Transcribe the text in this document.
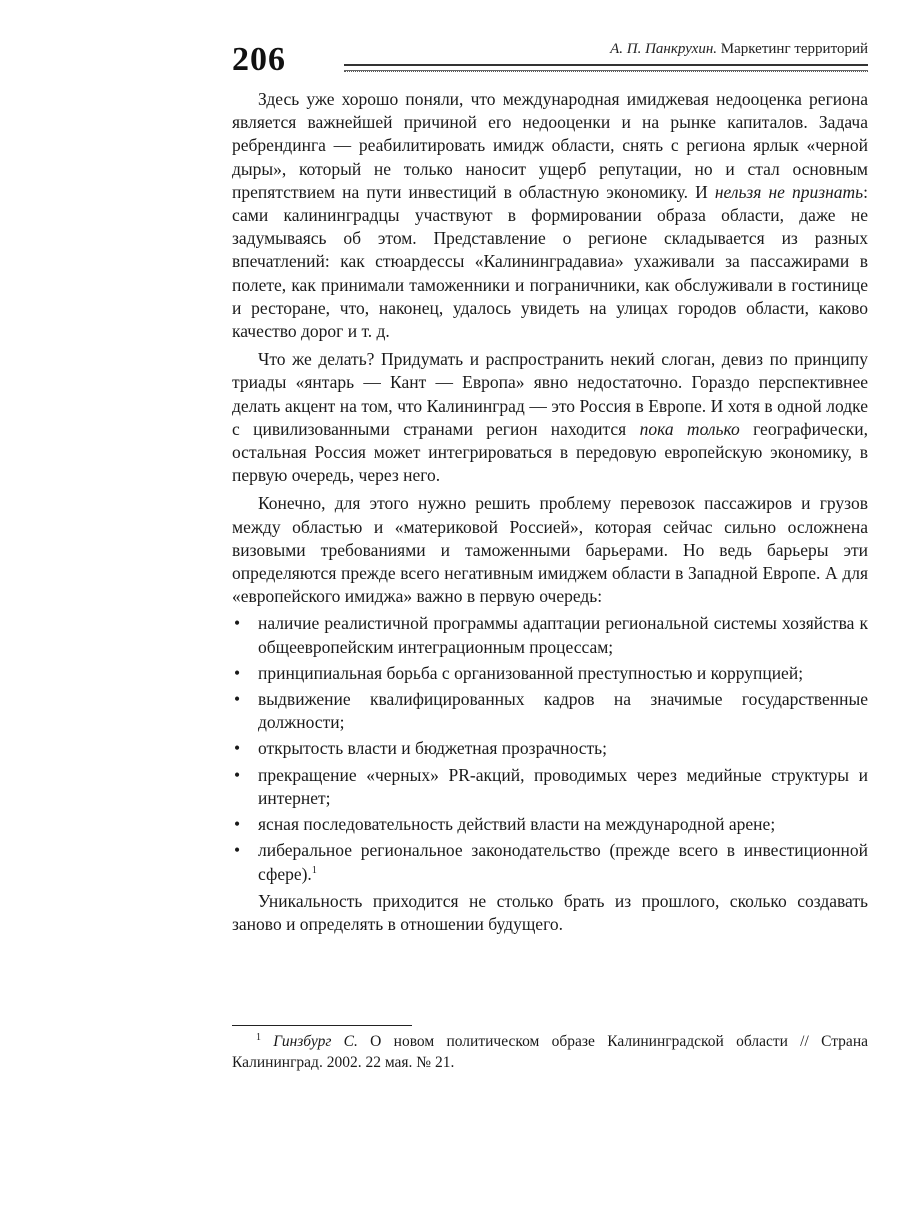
206	А. П. Панкрухин. Маркетинг территорий

Здесь уже хорошо поняли, что международная имиджевая недооценка региона является важнейшей причиной его недооценки и на рынке капиталов. Задача ребрендинга — реабилитировать имидж области, снять с региона ярлык «черной дыры», который не только наносит ущерб репутации, но и стал основным препятствием на пути инвестиций в областную экономику. И нельзя не признать: сами калининградцы участвуют в формировании образа области, даже не задумываясь об этом. Представление о регионе складывается из разных впечатлений: как стюардессы «Калининградавиа» ухаживали за пассажирами в полете, как принимали таможенники и пограничники, как обслуживали в гостинице и ресторане, что, наконец, удалось увидеть на улицах городов области, каково качество дорог и т. д.

Что же делать? Придумать и распространить некий слоган, девиз по принципу триады «янтарь — Кант — Европа» явно недостаточно. Гораздо перспективнее делать акцент на том, что Калининград — это Россия в Европе. И хотя в одной лодке с цивилизованными странами регион находится пока только географически, остальная Россия может интегрироваться в передовую европейскую экономику, в первую очередь, через него.

Конечно, для этого нужно решить проблему перевозок пассажиров и грузов между областью и «материковой Россией», которая сейчас сильно осложнена визовыми требованиями и таможенными барьерами. Но ведь барьеры эти определяются прежде всего негативным имиджем области в Западной Европе. А для «европейского имиджа» важно в первую очередь:

• наличие реалистичной программы адаптации региональной системы хозяйства к общеевропейским интеграционным процессам;
• принципиальная борьба с организованной преступностью и коррупцией;
• выдвижение квалифицированных кадров на значимые государственные должности;
• открытость власти и бюджетная прозрачность;
• прекращение «черных» PR-акций, проводимых через медийные структуры и интернет;
• ясная последовательность действий власти на международной арене;
• либеральное региональное законодательство (прежде всего в инвестиционной сфере).$^1$

Уникальность приходится не столько брать из прошлого, сколько создавать заново и определять в отношении будущего.

$^1$ Гинзбург С. О новом политическом образе Калининградской области // Страна Калининград. 2002. 22 мая. № 21.
